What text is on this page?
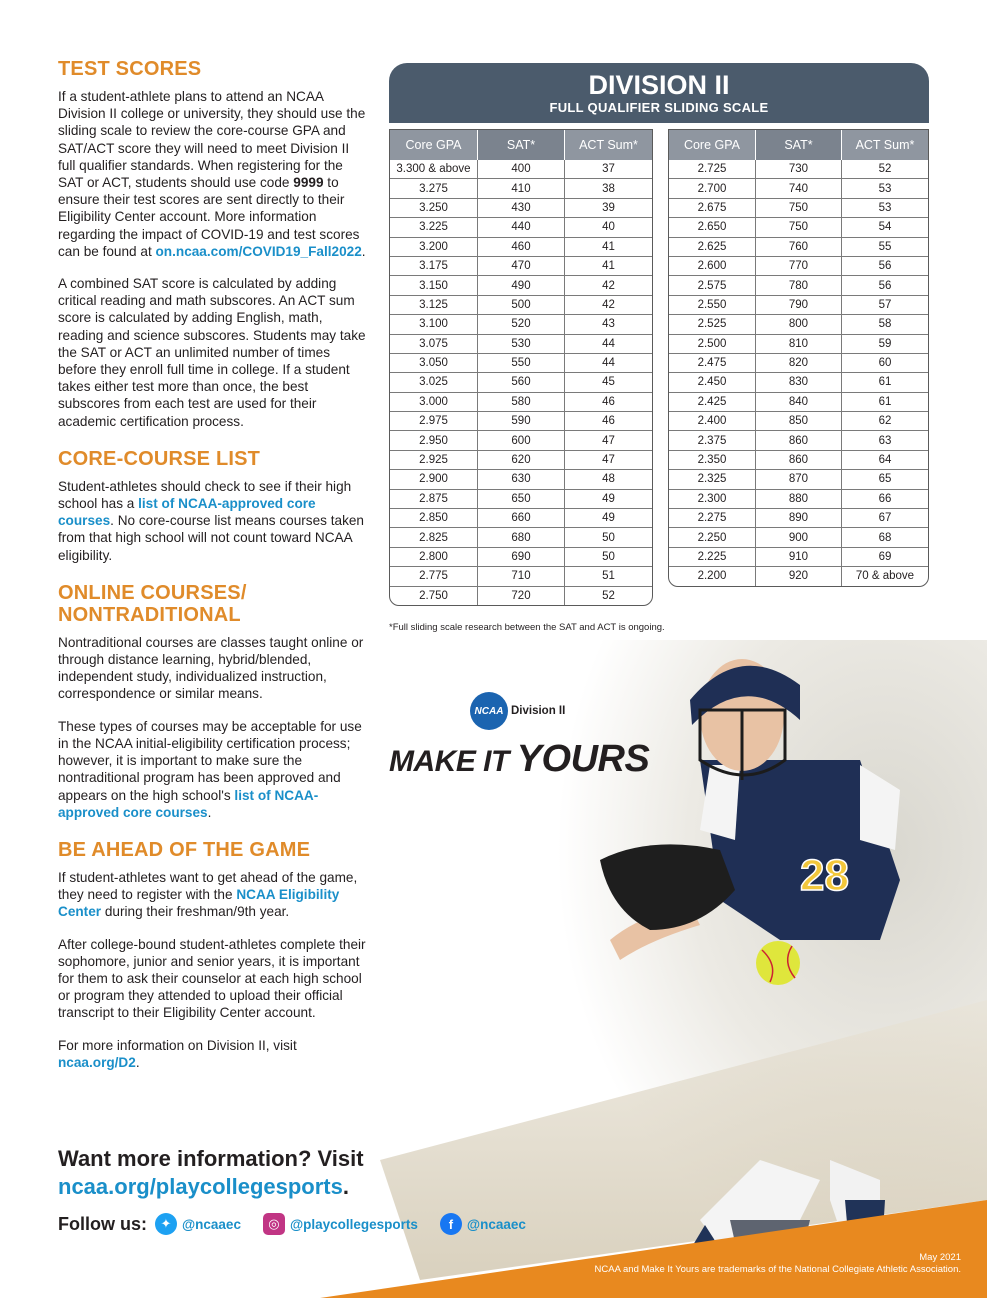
TEST SCORES

If a student-athlete plans to attend an NCAA Division II college or university, they should use the sliding scale to review the core-course GPA and SAT/ACT score they will need to meet Division II full qualifier standards. When registering for the SAT or ACT, students should use code 9999 to ensure their test scores are sent directly to their Eligibility Center account. More information regarding the impact of COVID-19 and test scores can be found at on.ncaa.com/COVID19_Fall2022.

A combined SAT score is calculated by adding critical reading and math subscores. An ACT sum score is calculated by adding English, math, reading and science subscores. Students may take the SAT or ACT an unlimited number of times before they enroll full time in college. If a student takes either test more than once, the best subscores from each test are used for their academic certification process.

CORE-COURSE LIST

Student-athletes should check to see if their high school has a list of NCAA-approved core courses. No core-course list means courses taken from that high school will not count toward NCAA eligibility.

ONLINE COURSES/
NONTRADITIONAL

Nontraditional courses are classes taught online or through distance learning, hybrid/blended, independent study, individualized instruction, correspondence or similar means.

These types of courses may be acceptable for use in the NCAA initial-eligibility certification process; however, it is important to make sure the nontraditional program has been approved and appears on the high school's list of NCAA-approved core courses.

BE AHEAD OF THE GAME

If student-athletes want to get ahead of the game, they need to register with the NCAA Eligibility Center during their freshman/9th year.

After college-bound student-athletes complete their sophomore, junior and senior years, it is important for them to ask their counselor at each high school or program they attended to upload their official transcript to their Eligibility Center account.

For more information on Division II, visit ncaa.org/D2.

DIVISION II
FULL QUALIFIER SLIDING SCALE
Core GPA	SAT*	ACT Sum*
3.300 & above	400	37
3.275	410	38
3.250	430	39
3.225	440	40
3.200	460	41
3.175	470	41
3.150	490	42
3.125	500	42
3.100	520	43
3.075	530	44
3.050	550	44
3.025	560	45
3.000	580	46
2.975	590	46
2.950	600	47
2.925	620	47
2.900	630	48
2.875	650	49
2.850	660	49
2.825	680	50
2.800	690	50
2.775	710	51
2.750	720	52
Core GPA	SAT*	ACT Sum*
2.725	730	52
2.700	740	53
2.675	750	53
2.650	750	54
2.625	760	55
2.600	770	56
2.575	780	56
2.550	790	57
2.525	800	58
2.500	810	59
2.475	820	60
2.450	830	61
2.425	840	61
2.400	850	62
2.375	860	63
2.350	860	64
2.325	870	65
2.300	880	66
2.275	890	67
2.250	900	68
2.225	910	69
2.200	920	70 & above
*Full sliding scale research between the SAT and ACT is ongoing.
28
NCAA Division II
MAKE IT YOURS
Want more information? Visit
ncaa.org/playcollegesports.
Follow us:	✦ @ncaaec	◎ @playcollegesports	f	@ncaaec
May 2021
NCAA and Make It Yours are trademarks of the National Collegiate Athletic Association.
